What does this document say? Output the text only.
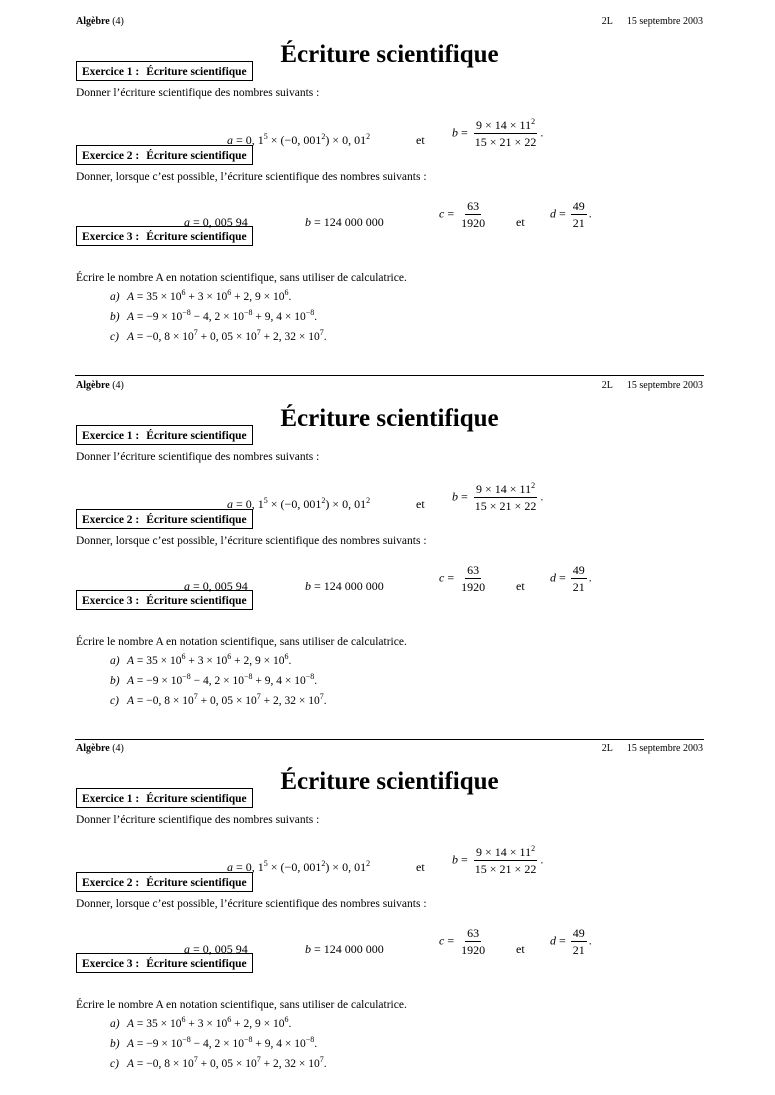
Algèbre (4)	2L 15 septembre 2003
Écriture scientifique
Exercice 1 : Écriture scientifique
Donner l’écriture scientifique des nombres suivants :
a = 0, $1^5 \times (-0$, $001^2) \times 0$, $01^2$	et
$b = \frac{9 \times 14 \times 11^2}{15 \times 21 \times 22}$ .
Exercice 2 : Écriture scientifique
Donner, lorsque c’est possible, l’écriture scientifique des nombres suivants :
a = 0, 005 94	b = 124 000 000
$c = \frac{63}{1920}$ et
$d = \frac{49}{21}$ .
Exercice 3 : Écriture scientifique
Écrire le nombre A en notation scientifique, sans utiliser de calculatrice.
a) $A = 35 \times 10^6 + 3 \times 10^6 + 2$, $9 \times 10^6$.
b) $A = -9 \times 10^{-8} - 4$, $2 \times 10^{-8} + 9$, $4 \times 10^{-8}$.
c) A = −0, $8 \times 10^7 + 0$, $05 \times 10^7 + 2$, $32 \times 10^7$.
Algèbre (4)	2L 15 septembre 2003
Écriture scientifique
Exercice 1 : Écriture scientifique
Donner l’écriture scientifique des nombres suivants :
a = 0, $1^5 \times (-0$, $001^2) \times 0$, $01^2$	et
$b = \frac{9 \times 14 \times 11^2}{15 \times 21 \times 22}$ .
Exercice 2 : Écriture scientifique
Donner, lorsque c’est possible, l’écriture scientifique des nombres suivants :
a = 0, 005 94	b = 124 000 000
$c = \frac{63}{1920}$ et
$d = \frac{49}{21}$ .
Exercice 3 : Écriture scientifique
Écrire le nombre A en notation scientifique, sans utiliser de calculatrice.
a) $A = 35 \times 10^6 + 3 \times 10^6 + 2$, $9 \times 10^6$.
b) $A = -9 \times 10^{-8} - 4$, $2 \times 10^{-8} + 9$, $4 \times 10^{-8}$.
c) A = −0, $8 \times 10^7 + 0$, $05 \times 10^7 + 2$, $32 \times 10^7$.
Algèbre (4)	2L 15 septembre 2003
Écriture scientifique
Exercice 1 : Écriture scientifique
Donner l’écriture scientifique des nombres suivants :
a = 0, $1^5 \times (-0$, $001^2) \times 0$, $01^2$	et
$b = \frac{9 \times 14 \times 11^2}{15 \times 21 \times 22}$ .
Exercice 2 : Écriture scientifique
Donner, lorsque c’est possible, l’écriture scientifique des nombres suivants :
a = 0, 005 94	b = 124 000 000
$c = \frac{63}{1920}$ et
$d = \frac{49}{21}$ .
Exercice 3 : Écriture scientifique
Écrire le nombre A en notation scientifique, sans utiliser de calculatrice.
a) $A = 35 \times 10^6 + 3 \times 10^6 + 2$, $9 \times 10^6$.
b) $A = -9 \times 10^{-8} - 4$, $2 \times 10^{-8} + 9$, $4 \times 10^{-8}$.
c) A = −0, $8 \times 10^7 + 0$, $05 \times 10^7 + 2$, $32 \times 10^7$.
